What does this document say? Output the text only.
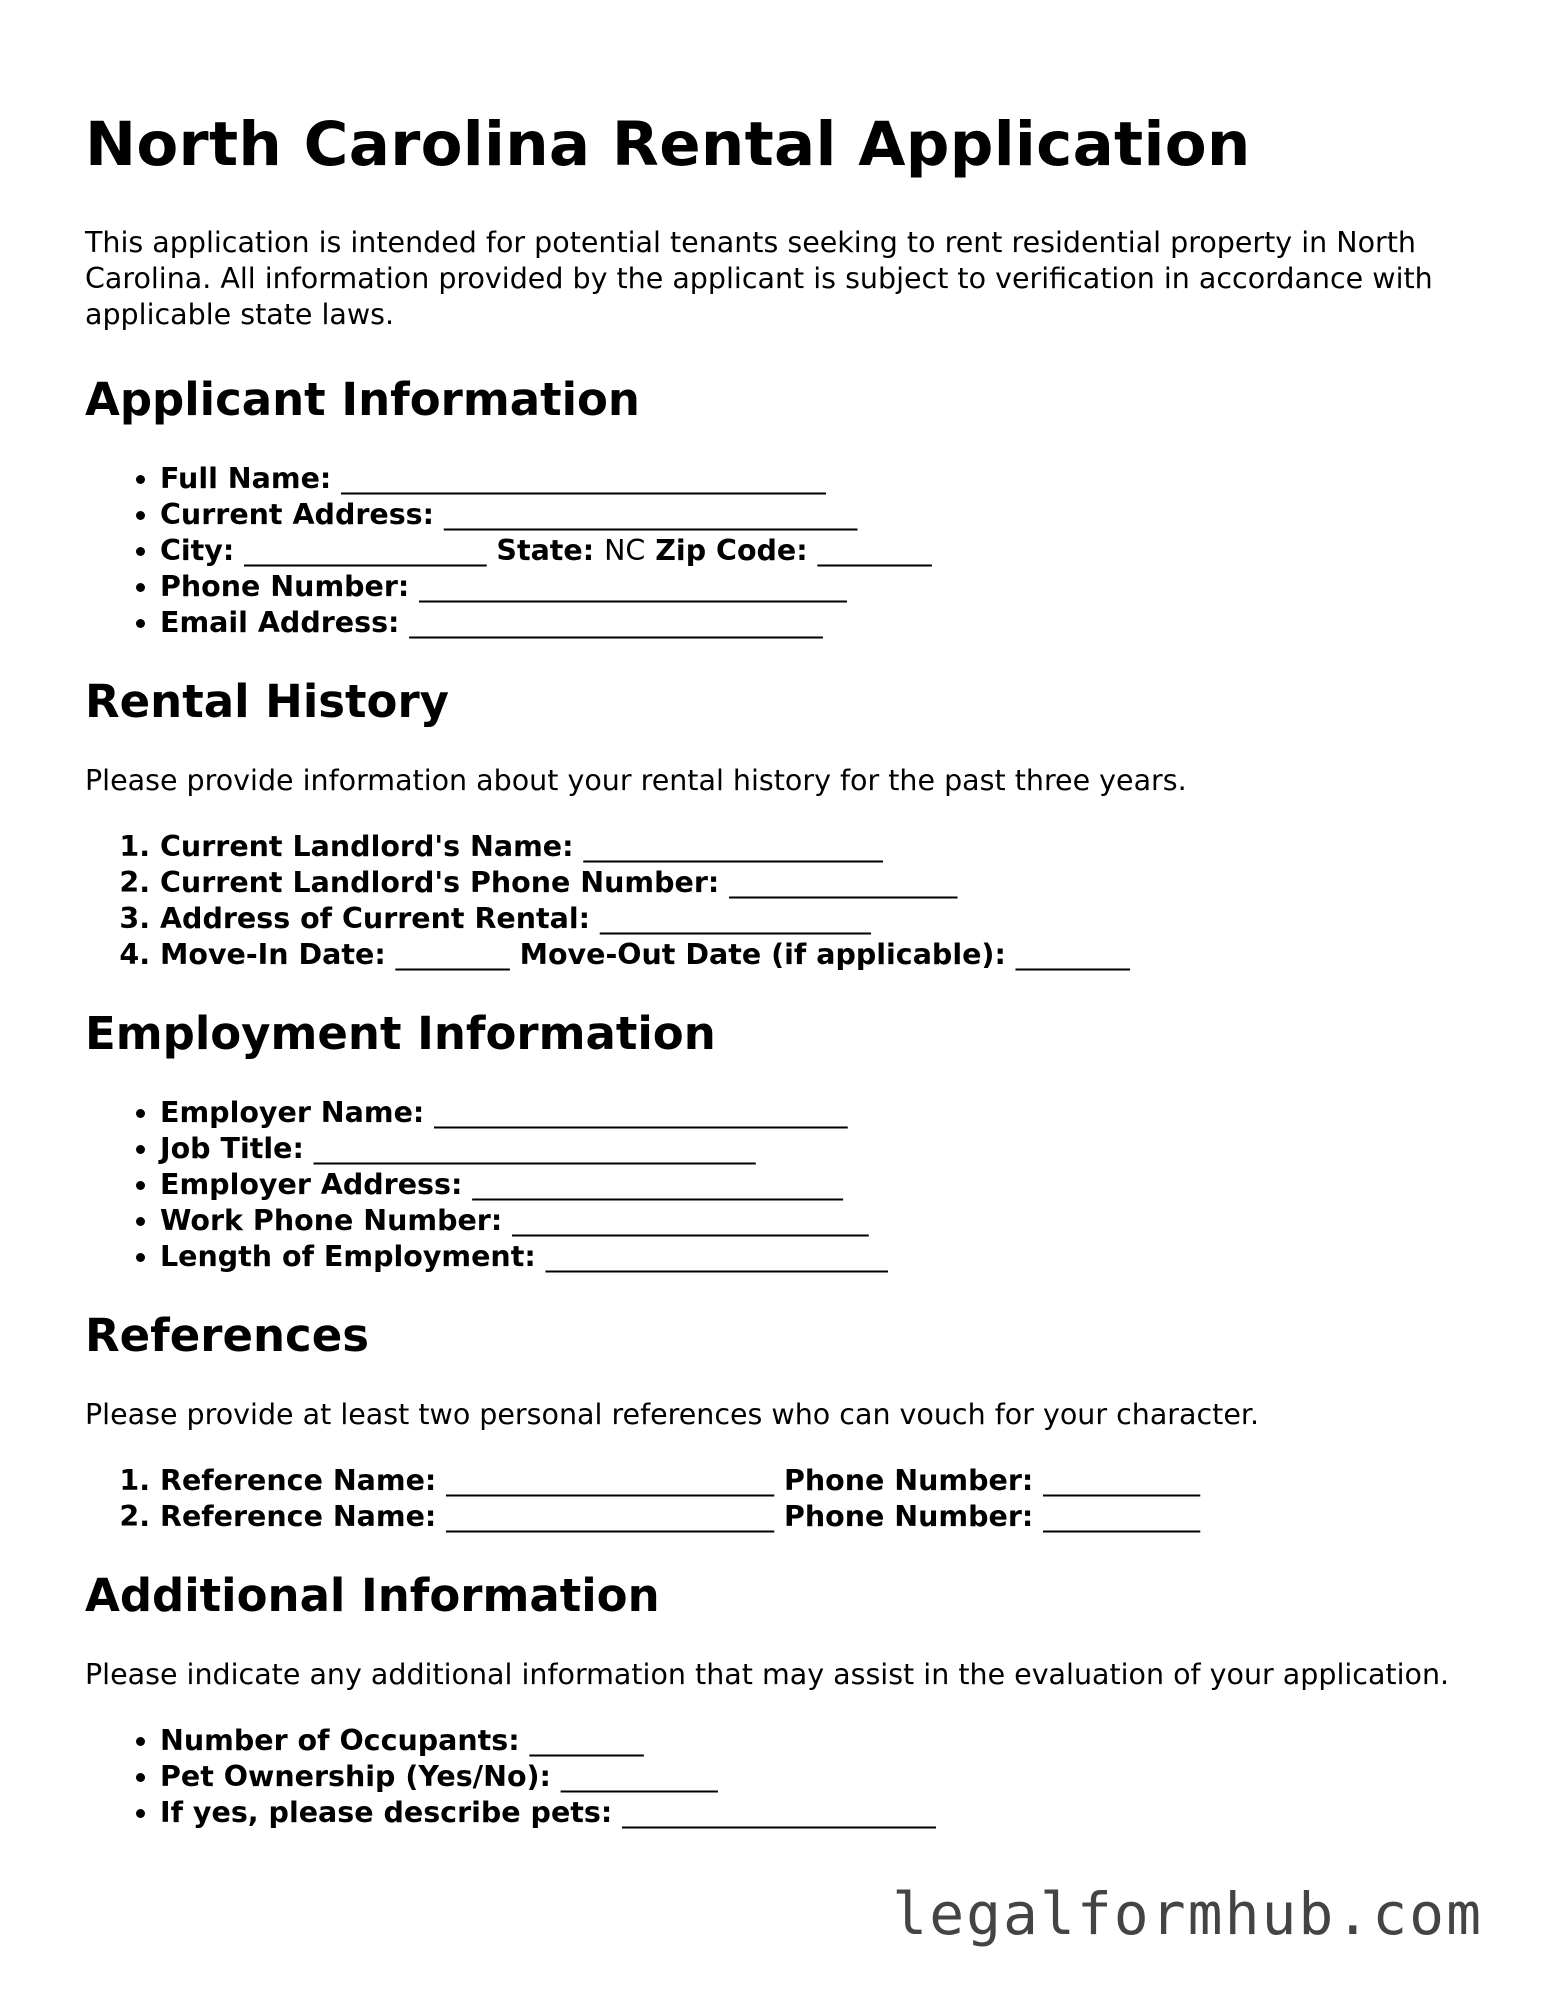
North Carolina Rental Application

This application is intended for potential tenants seeking to rent residential property in North Carolina. All information provided by the applicant is subject to verification in accordance with applicable state laws.

Applicant Information
• Full Name: __________________________________
• Current Address: _____________________________
• City: _________________ State: NC Zip Code: ________
• Phone Number: ______________________________
• Email Address: _____________________________
Rental History

Please provide information about your rental history for the past three years.

1. Current Landlord's Name: _____________________
2. Current Landlord's Phone Number: ________________
3. Address of Current Rental: ___________________
4. Move-In Date: ________ Move-Out Date (if applicable): ________
Employment Information
• Employer Name: _____________________________
• Job Title: _______________________________
• Employer Address: __________________________
• Work Phone Number: _________________________
• Length of Employment: ________________________
References

Please provide at least two personal references who can vouch for your character.

1. Reference Name: _______________________ Phone Number: ___________
2. Reference Name: _______________________ Phone Number: ___________
Additional Information

Please indicate any additional information that may assist in the evaluation of your application.

• Number of Occupants: ________
• Pet Ownership (Yes/No): ___________
• If yes, please describe pets: ______________________
legalformhub.com
